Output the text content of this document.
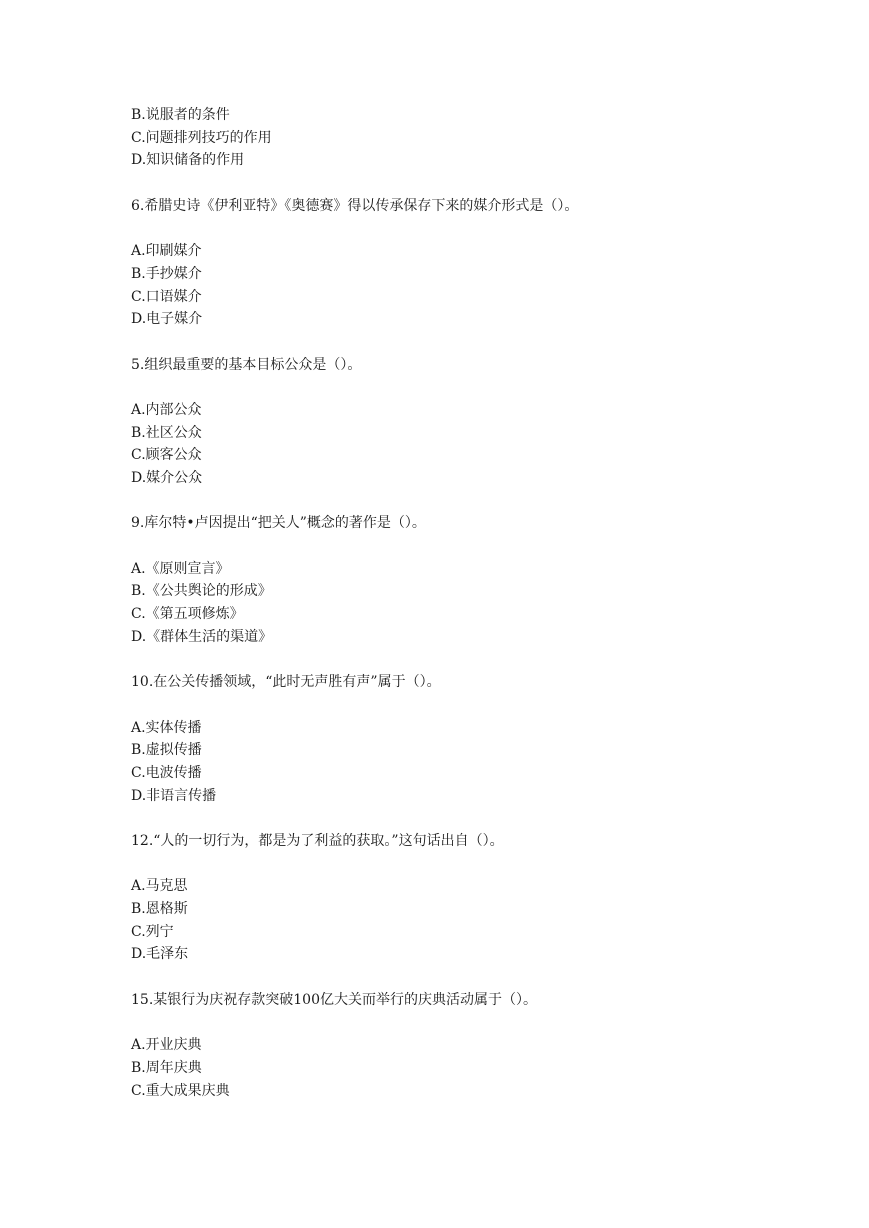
B.说服者的条件
C.问题排列技巧的作用
D.知识储备的作用
6.希腊史诗《伊利亚特》《奥德赛》得以传承保存下来的媒介形式是（）。
A.印刷媒介
B.手抄媒介
C.口语媒介
D.电子媒介
5.组织最重要的基本目标公众是（）。
A.内部公众
B.社区公众
C.顾客公众
D.媒介公众
9.库尔特•卢因提出“把关人”概念的著作是（）。
A.《原则宣言》
B.《公共舆论的形成》
C.《第五项修炼》
D.《群体生活的渠道》
10.在公关传播领域，“此时无声胜有声”属于（）。
A.实体传播
B.虚拟传播
C.电波传播
D.非语言传播
12.“人的一切行为，都是为了利益的获取。”这句话出自（）。
A.马克思
B.恩格斯
C.列宁
D.毛泽东
15.某银行为庆祝存款突破100亿大关而举行的庆典活动属于（）。
A.开业庆典
B.周年庆典
C.重大成果庆典
